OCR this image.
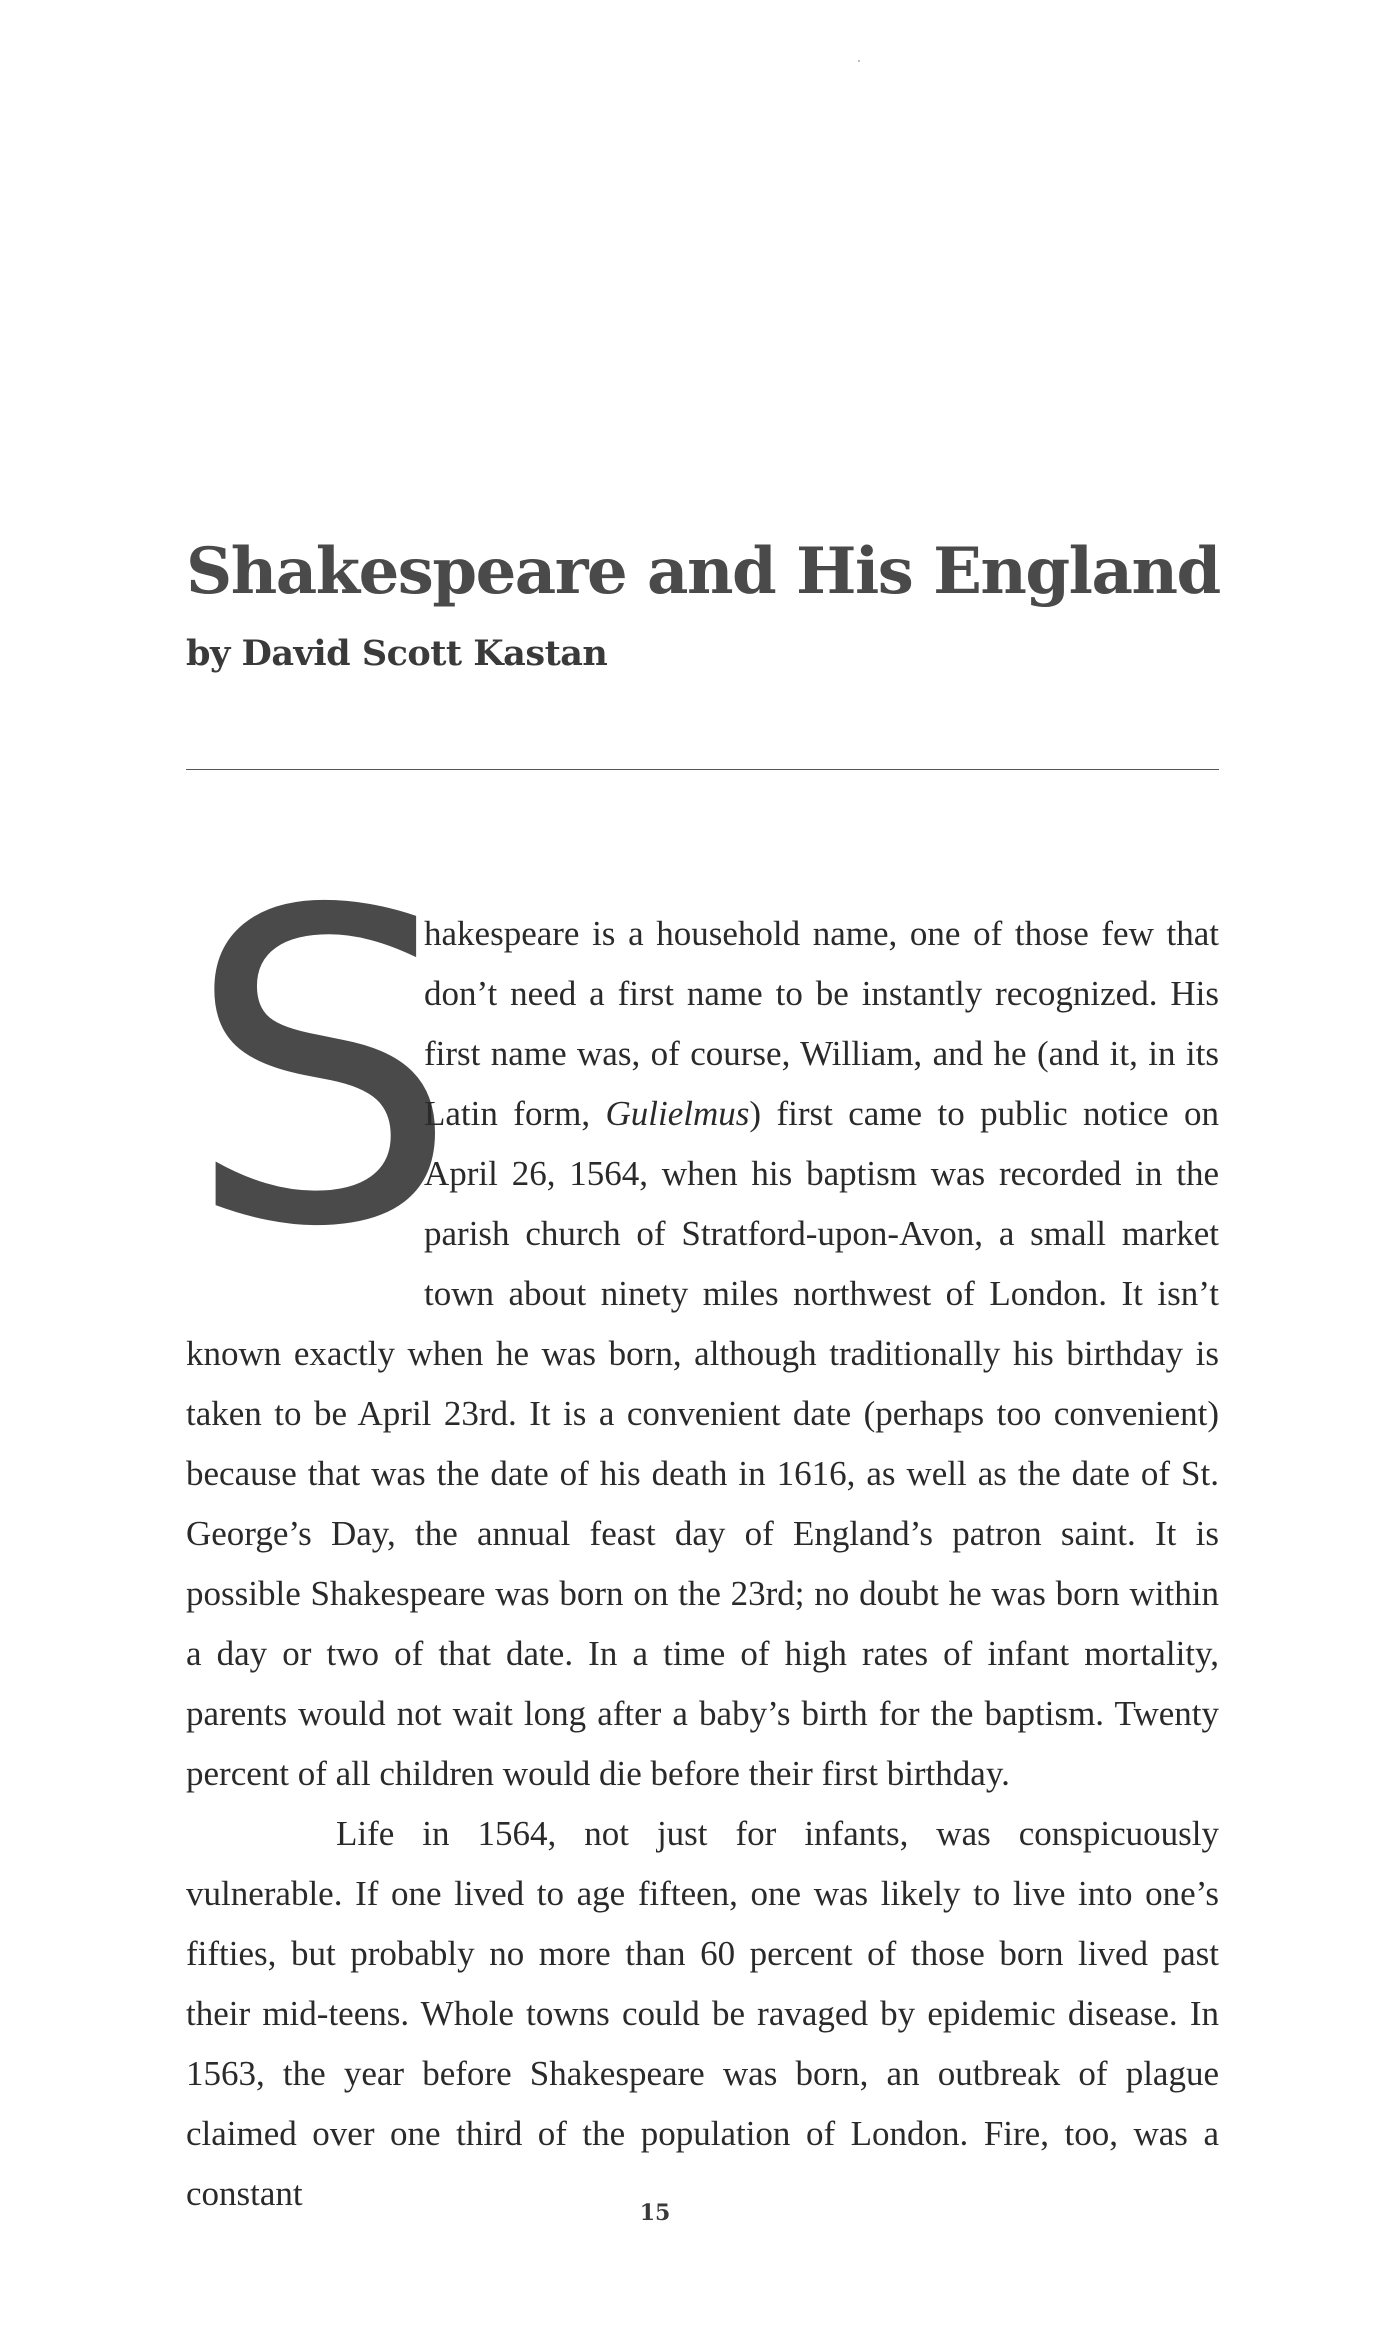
Shakespeare and His England
by David Scott Kastan
S

hakespeare is a household name, one of those few that don’t need a first name to be instantly recognized. His first name was, of course, William, and he (and it, in its Latin form, Gulielmus) first came to public notice on April 26, 1564, when his baptism was recorded in the parish church of Stratford-upon-Avon, a small market town about ninety miles northwest of London. It isn’t known exactly when he was born, although traditionally his birthday is taken to be April 23rd. It is a convenient date (perhaps too convenient) because that was the date of his death in 1616, as well as the date of St. George’s Day, the annual feast day of England’s patron saint. It is possible Shakespeare was born on the 23rd; no doubt he was born within a day or two of that date. In a time of high rates of infant mortality, parents would not wait long after a baby’s birth for the baptism. Twenty percent of all children would die before their first birthday.

Life in 1564, not just for infants, was conspicuously vulnerable. If one lived to age fifteen, one was likely to live into one’s fifties, but probably no more than 60 percent of those born lived past their mid-teens. Whole towns could be ravaged by epidemic disease. In 1563, the year before Shakespeare was born, an outbreak of plague claimed over one third of the population of London. Fire, too, was a constant	15
